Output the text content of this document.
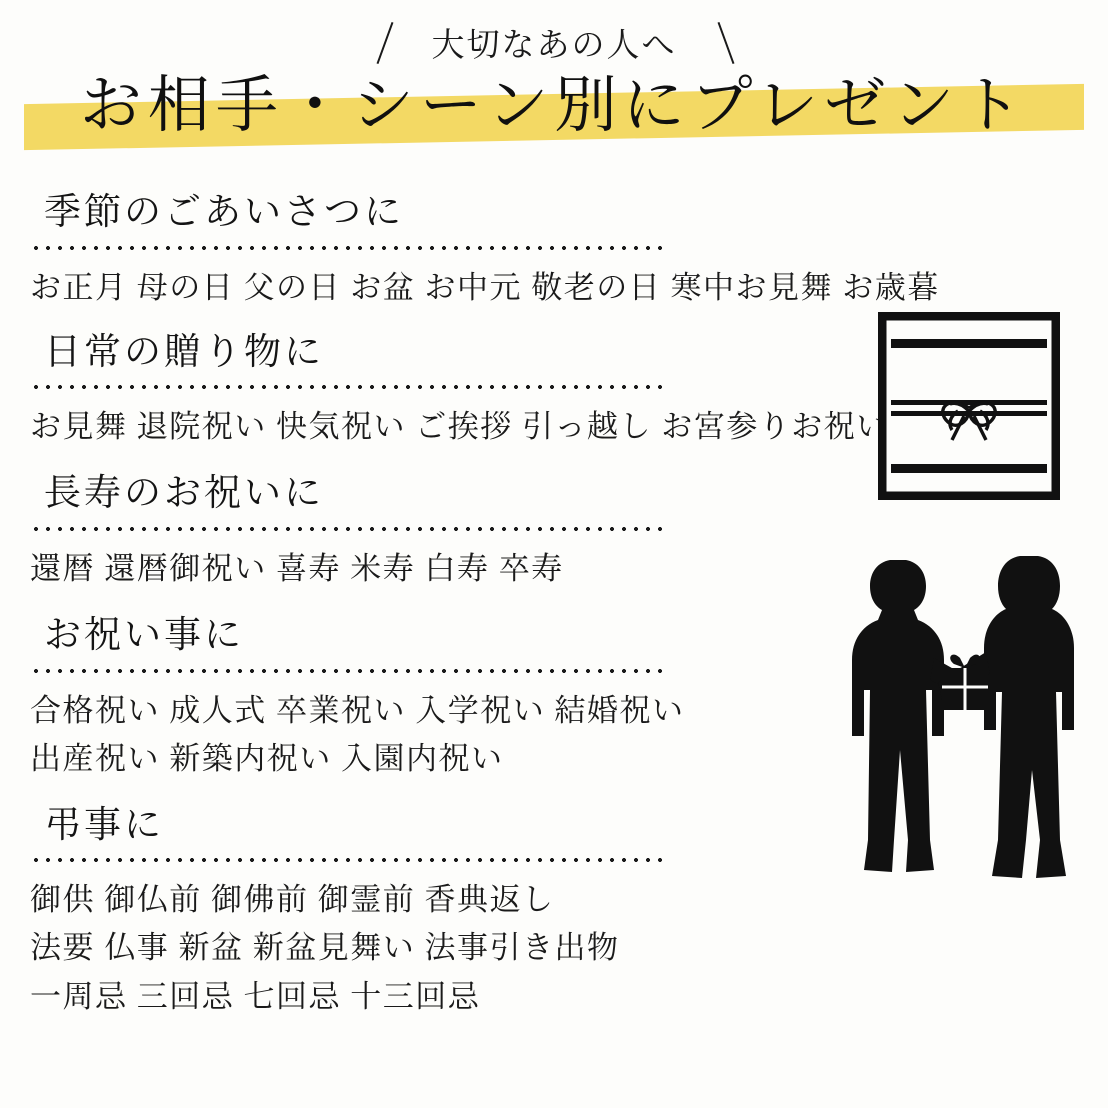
大切なあの人へ
お相手・シーン別にプレゼント
季節のごあいさつに
お正月 母の日 父の日 お盆 お中元 敬老の日 寒中お見舞 お歳暮
日常の贈り物に
お見舞 退院祝い 快気祝い ご挨拶 引っ越し お宮参りお祝い
長寿のお祝いに
還暦 還暦御祝い 喜寿 米寿 白寿 卒寿
お祝い事に
合格祝い 成人式 卒業祝い 入学祝い 結婚祝い
出産祝い 新築内祝い 入園内祝い
弔事に
御供 御仏前 御佛前 御霊前 香典返し
法要 仏事 新盆 新盆見舞い 法事引き出物
一周忌 三回忌 七回忌 十三回忌
